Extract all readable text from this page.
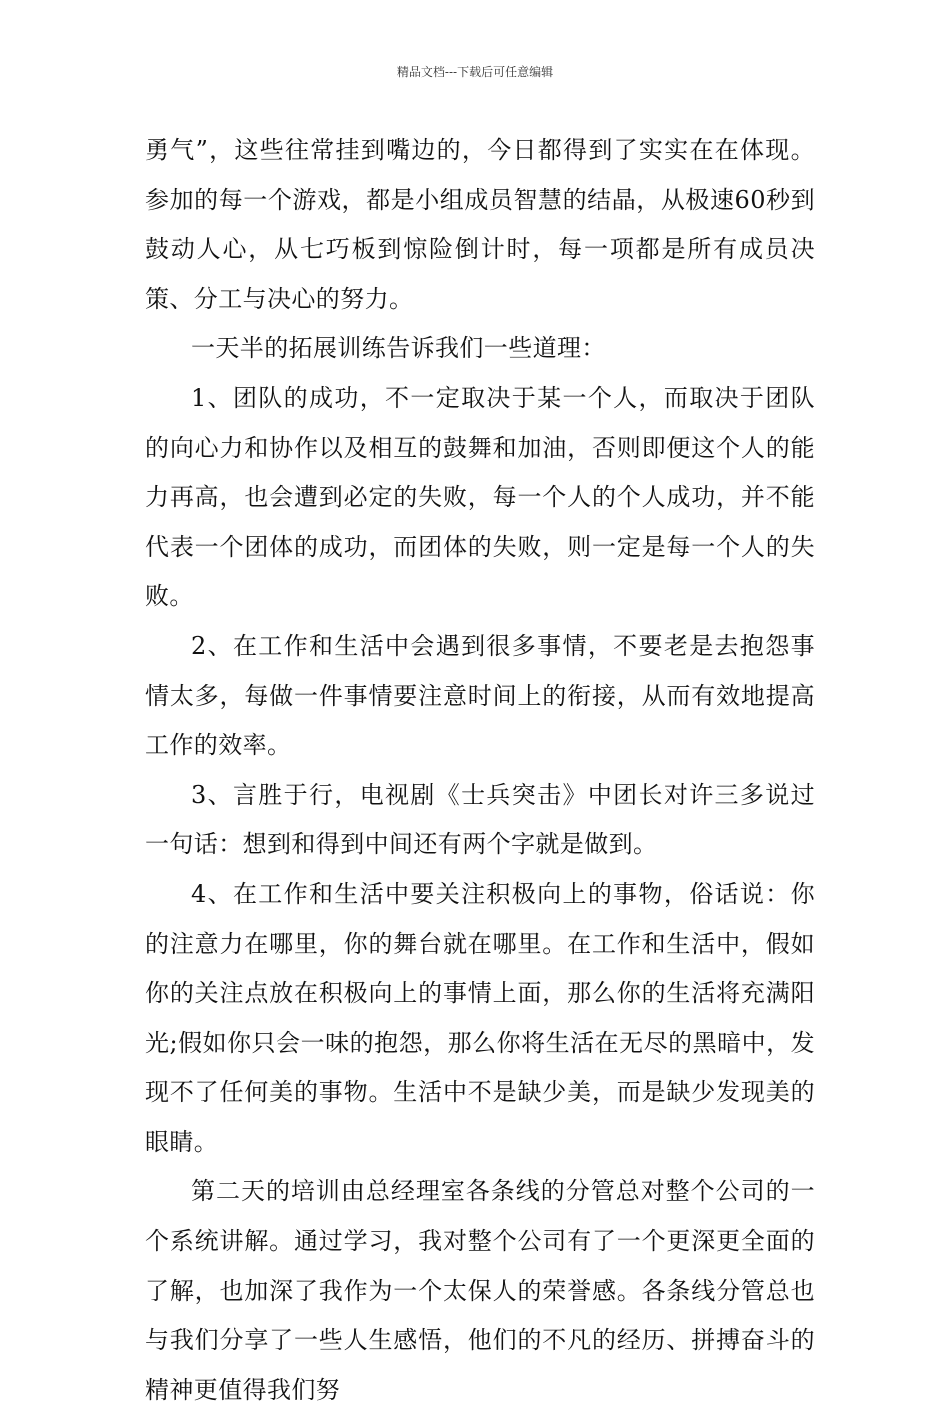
精品文档---下载后可任意编辑

勇气”，这些往常挂到嘴边的，今日都得到了实实在在体现。参加的每一个游戏，都是小组成员智慧的结晶，从极速60秒到鼓动人心，从七巧板到惊险倒计时，每一项都是所有成员决策、分工与决心的努力。

一天半的拓展训练告诉我们一些道理：

1、团队的成功，不一定取决于某一个人，而取决于团队的向心力和协作以及相互的鼓舞和加油，否则即便这个人的能力再高，也会遭到必定的失败，每一个人的个人成功，并不能代表一个团体的成功，而团体的失败，则一定是每一个人的失败。

2、在工作和生活中会遇到很多事情，不要老是去抱怨事情太多，每做一件事情要注意时间上的衔接，从而有效地提高工作的效率。

3、言胜于行，电视剧《士兵突击》中团长对许三多说过一句话：想到和得到中间还有两个字就是做到。

4、在工作和生活中要关注积极向上的事物，俗话说：你的注意力在哪里，你的舞台就在哪里。在工作和生活中，假如你的关注点放在积极向上的事情上面，那么你的生活将充满阳光;假如你只会一味的抱怨，那么你将生活在无尽的黑暗中，发现不了任何美的事物。生活中不是缺少美，而是缺少发现美的眼睛。

第二天的培训由总经理室各条线的分管总对整个公司的一个系统讲解。通过学习，我对整个公司有了一个更深更全面的了解，也加深了我作为一个太保人的荣誉感。各条线分管总也与我们分享了一些人生感悟，他们的不凡的经历、拼搏奋斗的精神更值得我们努
